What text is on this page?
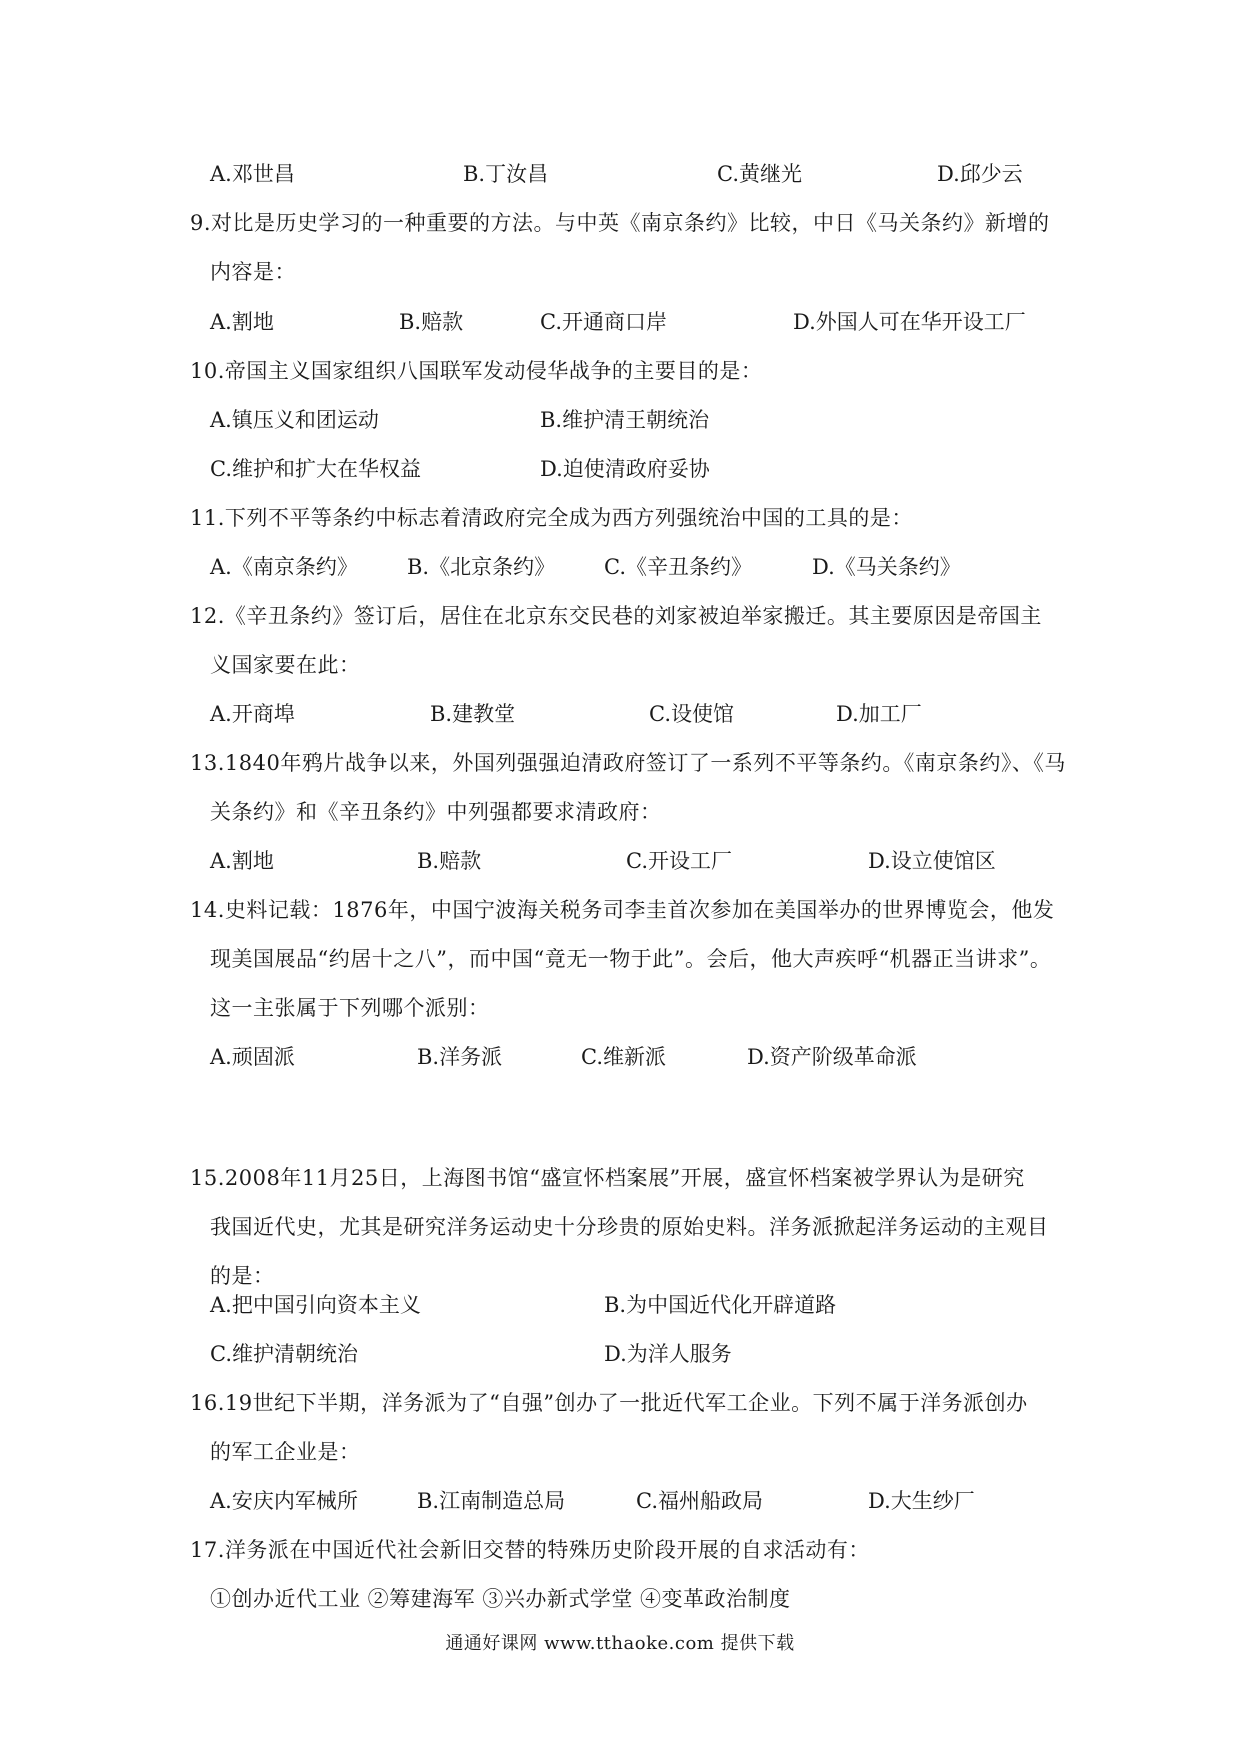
A.邓世昌	B.丁汝昌	C.黄继光	D.邱少云
9.对比是历史学习的一种重要的方法。与中英《南京条约》比较，中日《马关条约》新增的
内容是：
A.割地	B.赔款	C.开通商口岸	D.外国人可在华开设工厂
10.帝国主义国家组织八国联军发动侵华战争的主要目的是：
A.镇压义和团运动	B.维护清王朝统治
C.维护和扩大在华权益	D.迫使清政府妥协
11.下列不平等条约中标志着清政府完全成为西方列强统治中国的工具的是：
A.《南京条约》 B.《北京条约》 C.《辛丑条约》	D.《马关条约》
12.《辛丑条约》签订后，居住在北京东交民巷的刘家被迫举家搬迁。其主要原因是帝国主
义国家要在此：
A.开商埠	B.建教堂	C.设使馆	D.加工厂
13.1840年鸦片战争以来，外国列强强迫清政府签订了一系列不平等条约。《南京条约》、《马
关条约》和《辛丑条约》中列强都要求清政府：
A.割地	B.赔款	C.开设工厂	D.设立使馆区
14.史料记载：1876年，中国宁波海关税务司李圭首次参加在美国举办的世界博览会，他发
现美国展品“约居十之八”，而中国“竟无一物于此”。会后，他大声疾呼“机器正当讲求”。
这一主张属于下列哪个派别：
A.顽固派	B.洋务派	C.维新派	D.资产阶级革命派
15.2008年11月25日，上海图书馆“盛宣怀档案展”开展，盛宣怀档案被学界认为是研究
我国近代史，尤其是研究洋务运动史十分珍贵的原始史料。洋务派掀起洋务运动的主观目
的是：
A.把中国引向资本主义	B.为中国近代化开辟道路
C.维护清朝统治	D.为洋人服务
16.19世纪下半期，洋务派为了“自强”创办了一批近代军工企业。下列不属于洋务派创办
的军工企业是：
A.安庆内军械所	B.江南制造总局	C.福州船政局	D.大生纱厂
17.洋务派在中国近代社会新旧交替的特殊历史阶段开展的自求活动有：
①创办近代工业 ②筹建海军 ③兴办新式学堂 ④变革政治制度
通通好课网 www.tthaoke.com 提供下载
